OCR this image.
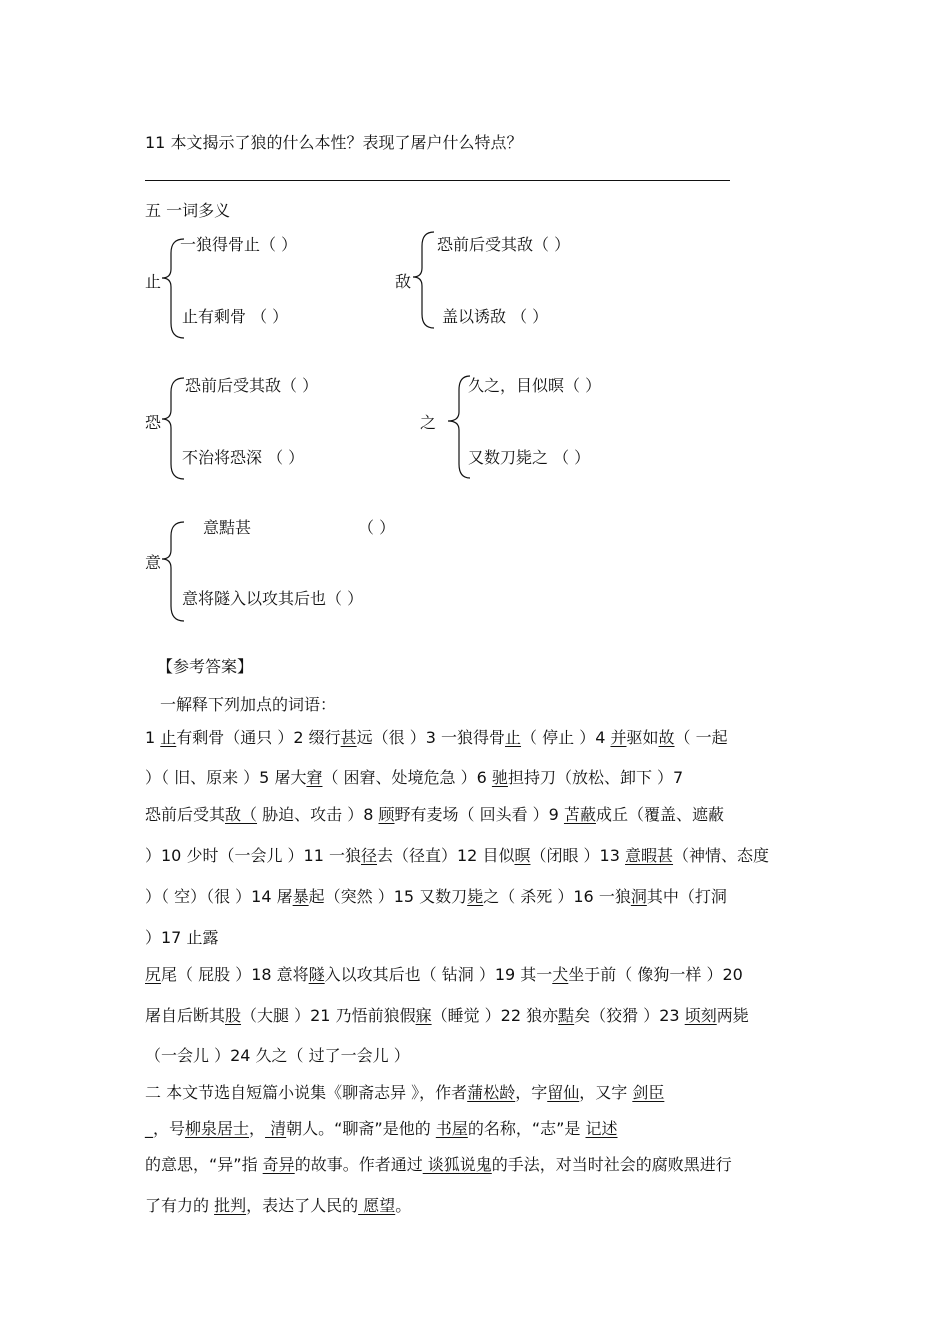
11 本文揭示了狼的什么本性？表现了屠户什么特点？
五 一词多义
止
一狼得骨止（ ）
止有剩骨 （ ）
敌
恐前后受其敌（ ）
盖以诱敌 （ ）
恐
恐前后受其敌（ ）
不治将恐深 （ ）
之
久之，目似暝（ ）
又数刀毙之 （ ）
意
意黠甚	（ ）
意将隧入以攻其后也（ ）
【参考答案】
一解释下列加点的词语：
1 止有剩骨（通只 ）2 缀行甚远（很 ）3 一狼得骨止（ 停止 ）4 并驱如故（ 一起
）（ 旧、原来 ）5 屠大窘（ 困窘、处境危急 ）6 驰担持刀（放松、卸下 ）7
恐前后受其敌（ 胁迫、攻击 ）8 顾野有麦场（ 回头看 ）9 苫蔽成丘（覆盖、遮蔽
）10 少时（一会儿 ）11 一狼径去（径直）12 目似暝（闭眼 ）13 意暇甚（神情、态度
）（ 空）（很 ）14 屠暴起（突然 ）15 又数刀毙之（ 杀死 ）16 一狼洞其中（打洞
）17 止露
尻尾（ 屁股 ）18 意将隧入以攻其后也（ 钻洞 ）19 其一犬坐于前（ 像狗一样 ）20
屠自后断其股（大腿 ）21 乃悟前狼假寐（睡觉 ）22 狼亦黠矣（狡猾 ）23 顷刻两毙
（一会儿 ）24 久之（ 过了一会儿 ）
二 本文节选自短篇小说集《聊斋志异 》，作者蒲松龄，字留仙，又字 剑臣
_，号柳泉居士， 清朝人。“聊斋”是他的 书屋的名称，“志”是 记述
的意思，“异”指 奇异的故事。作者通过 谈狐说鬼的手法，对当时社会的腐败黑进行
了有力的 批判，表达了人民的 愿望。
